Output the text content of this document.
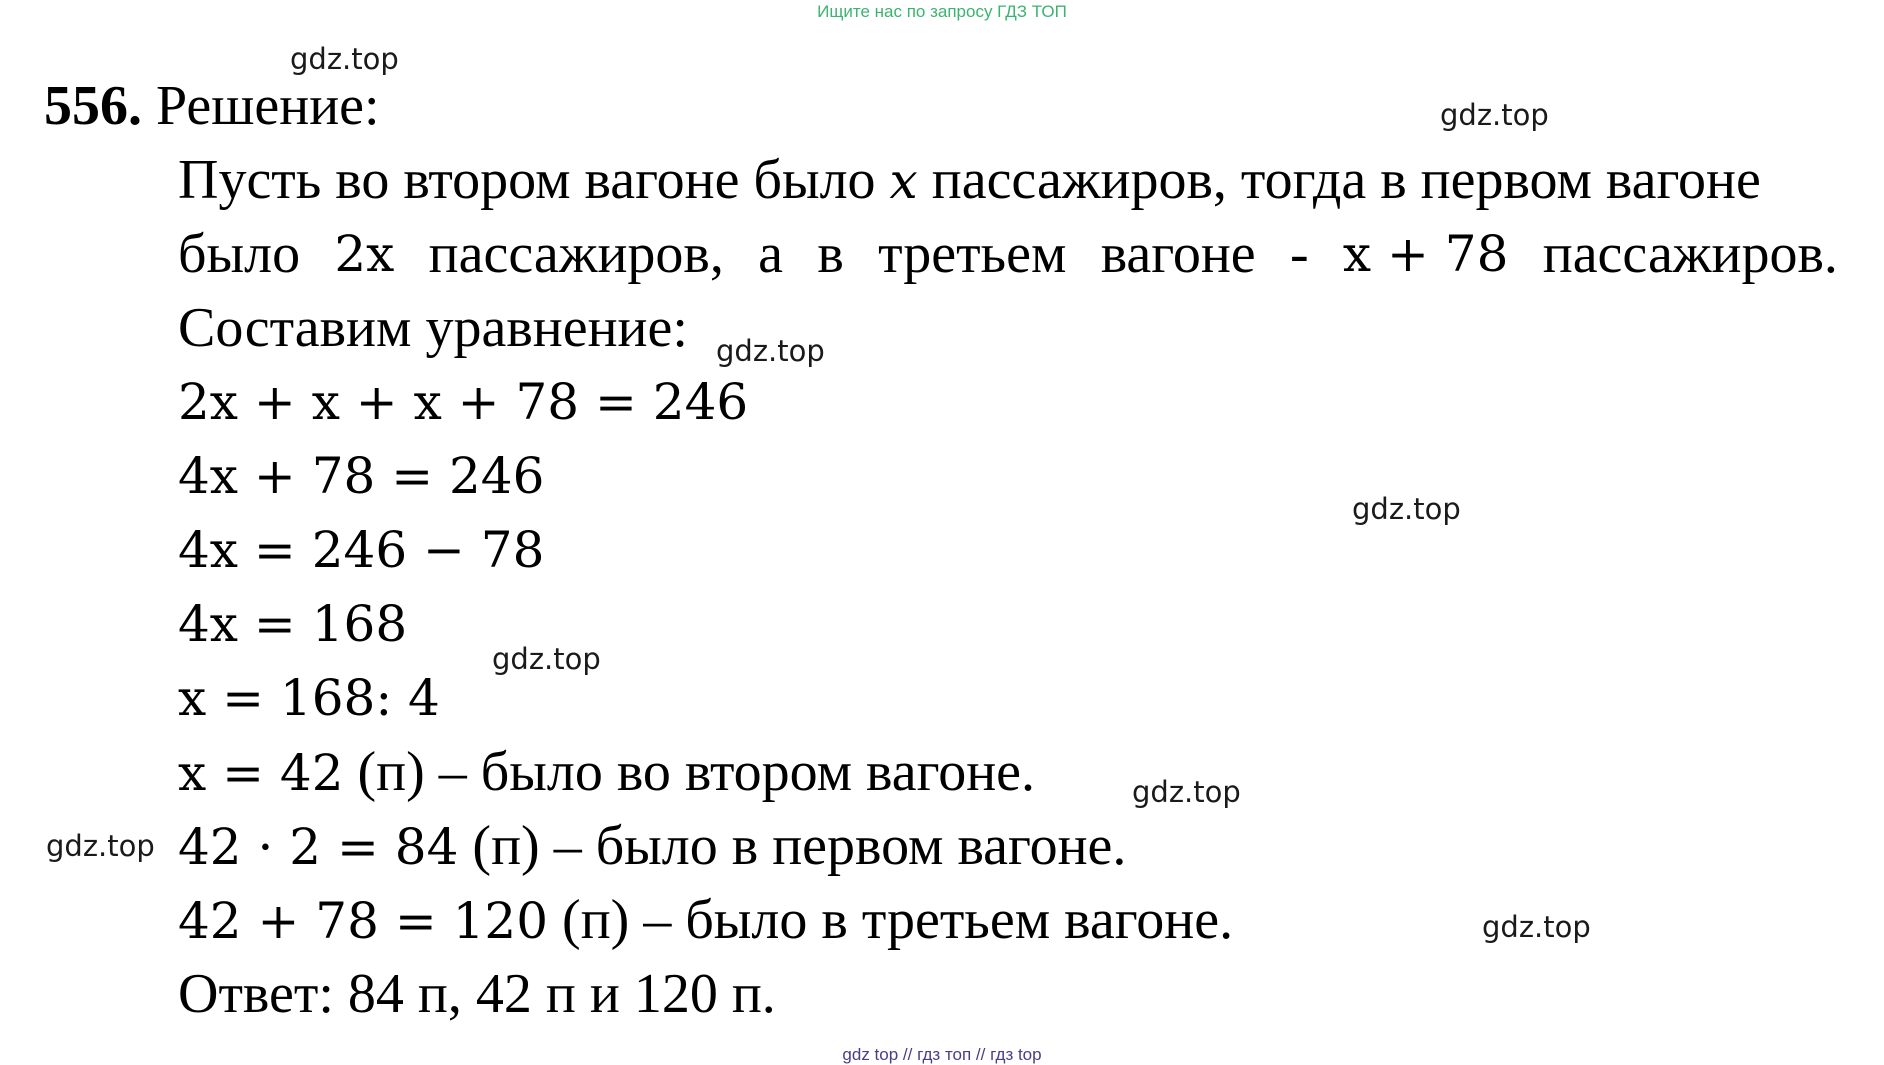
Ищите нас по запросу ГДЗ ТОП
556. Решение:
Пусть во втором вагоне было x пассажиров, тогда в первом вагоне
было 2x пассажиров, а в третьем вагоне - x + 78 пассажиров.
Составим уравнение:
2x + x + x + 78 = 246
4x + 78 = 246
4x = 246 − 78
4x = 168
x = 168: 4
x = 42 (п) – было во втором вагоне.
42 · 2 = 84 (п) – было в первом вагоне.
42 + 78 = 120 (п) – было в третьем вагоне.
Ответ: 84 п, 42 п и 120 п.
gdz.top
gdz.top
gdz.top
gdz.top
gdz.top
gdz.top
gdz.top
gdz.top
gdz top // гдз топ // гдз top
